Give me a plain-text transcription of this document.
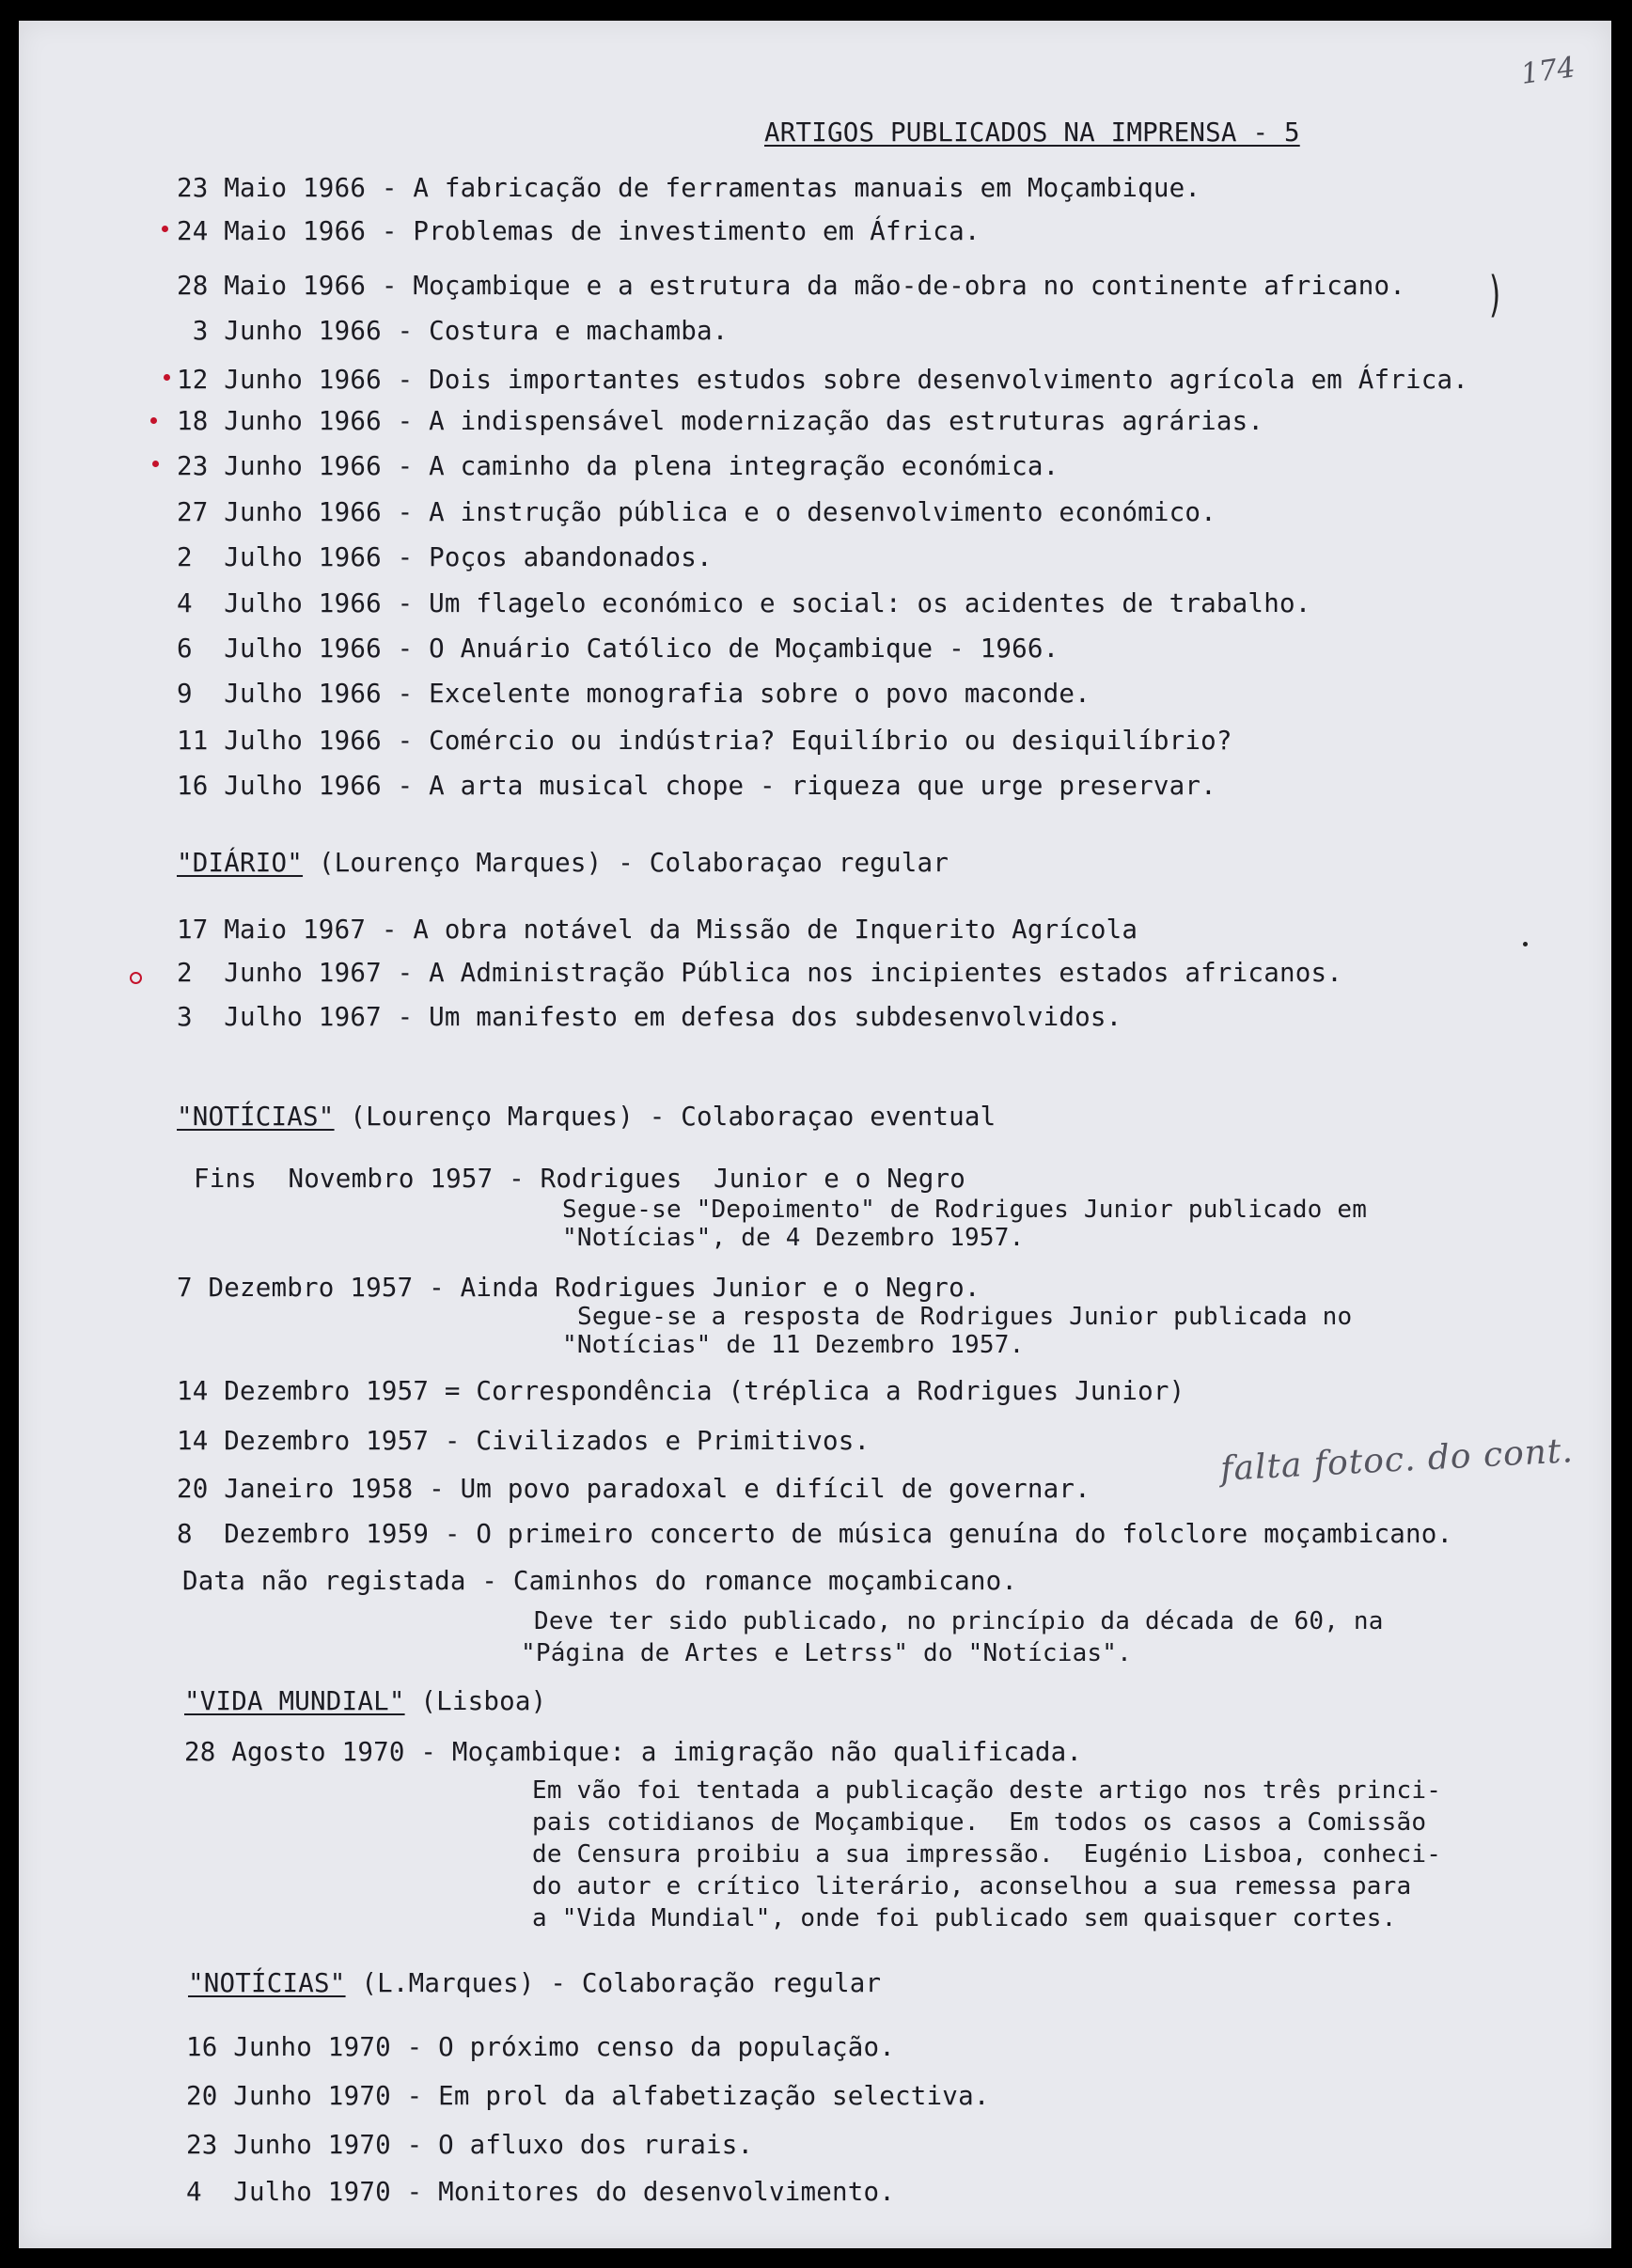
174
ARTIGOS PUBLICADOS NA IMPRENSA - 5
23 Maio 1966 - A fabricação de ferramentas manuais em Moçambique.
24 Maio 1966 - Problemas de investimento em África.
28 Maio 1966 - Moçambique e a estrutura da mão-de-obra no continente africano.
3 Junho 1966 - Costura e machamba.
12 Junho 1966 - Dois importantes estudos sobre desenvolvimento agrícola em África.
18 Junho 1966 - A indispensável modernização das estruturas agrárias.
23 Junho 1966 - A caminho da plena integração económica.
27 Junho 1966 - A instrução pública e o desenvolvimento económico.
2  Julho 1966 - Poços abandonados.
4  Julho 1966 - Um flagelo económico e social: os acidentes de trabalho.
6  Julho 1966 - O Anuário Católico de Moçambique - 1966.
9  Julho 1966 - Excelente monografia sobre o povo maconde.
11 Julho 1966 - Comércio ou indústria? Equilíbrio ou desiquilíbrio?
16 Julho 1966 - A arta musical chope - riqueza que urge preservar.
)
"DIÁRIO" (Lourenço Marques) - Colaboraçao regular
17 Maio 1967 - A obra notável da Missão de Inquerito Agrícola
2  Junho 1967 - A Administração Pública nos incipientes estados africanos.
3  Julho 1967 - Um manifesto em defesa dos subdesenvolvidos.
"NOTÍCIAS" (Lourenço Marques) - Colaboraçao eventual
Fins  Novembro 1957 - Rodrigues  Junior e o Negro
Segue-se "Depoimento" de Rodrigues Junior publicado em
"Notícias", de 4 Dezembro 1957.
7 Dezembro 1957 - Ainda Rodrigues Junior e o Negro.
Segue-se a resposta de Rodrigues Junior publicada no
"Notícias" de 11 Dezembro 1957.
14 Dezembro 1957 = Correspondência (tréplica a Rodrigues Junior)
14 Dezembro 1957 - Civilizados e Primitivos.
20 Janeiro 1958 - Um povo paradoxal e difícil de governar.
8  Dezembro 1959 - O primeiro concerto de música genuína do folclore moçambicano.
Data não registada - Caminhos do romance moçambicano.
Deve ter sido publicado, no princípio da década de 60, na
"Página de Artes e Letrss" do "Notícias".
falta fotoc. do cont.
"VIDA MUNDIAL" (Lisboa)
28 Agosto 1970 - Moçambique: a imigração não qualificada.
Em vão foi tentada a publicação deste artigo nos três princi-
pais cotidianos de Moçambique.  Em todos os casos a Comissão
de Censura proibiu a sua impressão.  Eugénio Lisboa, conheci-
do autor e crítico literário, aconselhou a sua remessa para
a "Vida Mundial", onde foi publicado sem quaisquer cortes.
"NOTÍCIAS" (L.Marques) - Colaboração regular
16 Junho 1970 - O próximo censo da população.
20 Junho 1970 - Em prol da alfabetização selectiva.
23 Junho 1970 - O afluxo dos rurais.
4  Julho 1970 - Monitores do desenvolvimento.
